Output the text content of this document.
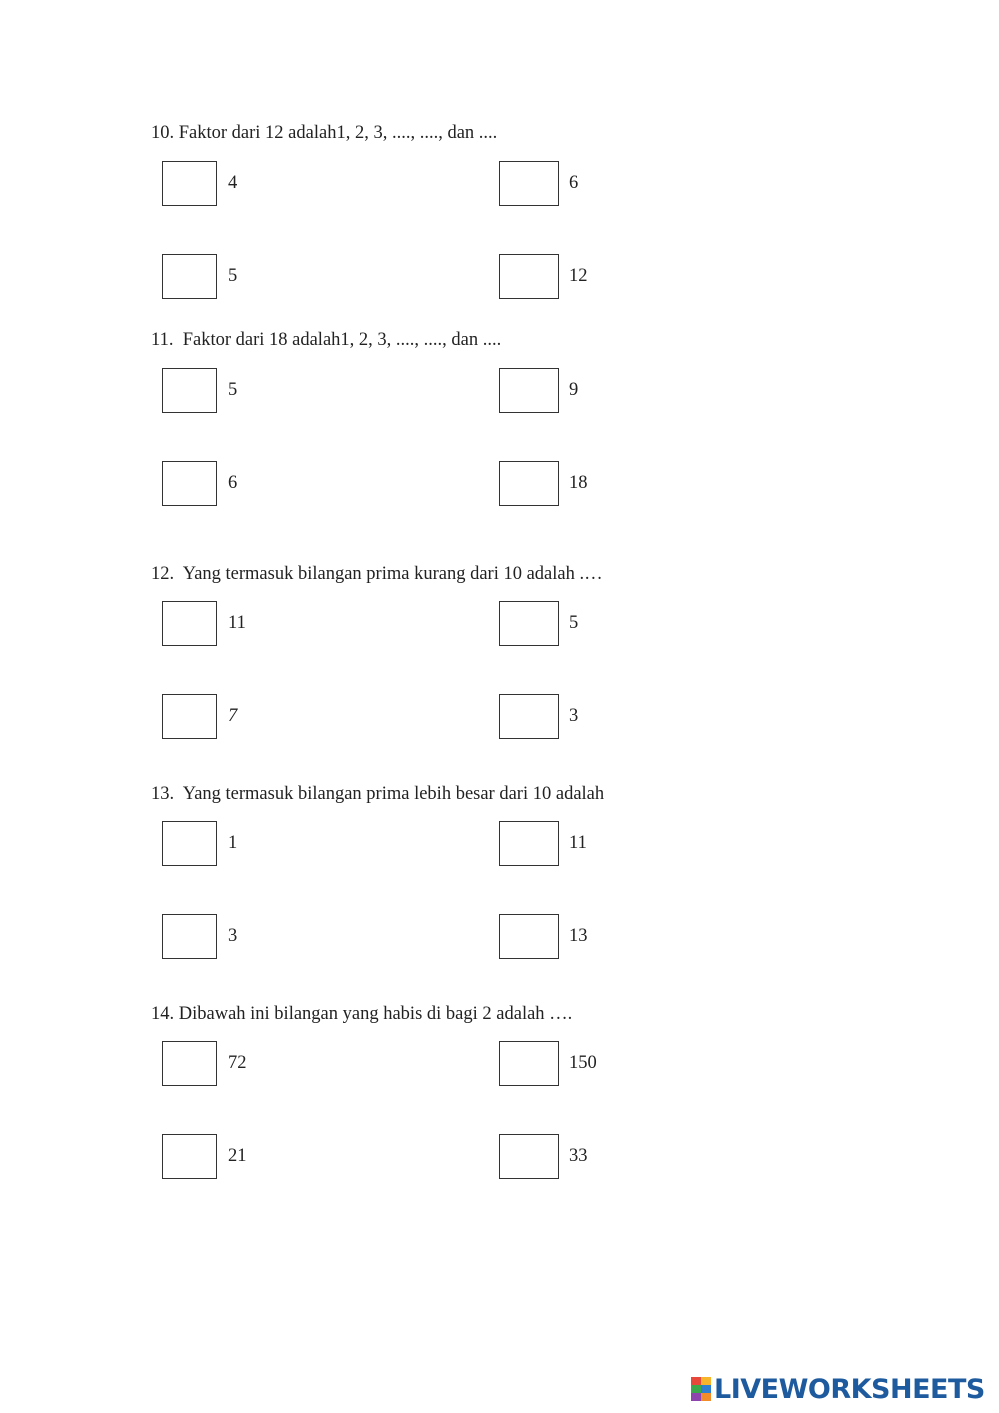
10. Faktor dari 12 adalah1, 2, 3, ...., ...., dan ....
4	6
5	12
11.  Faktor dari 18 adalah1, 2, 3, ...., ...., dan ....
5	9
6	18
12.  Yang termasuk bilangan prima kurang dari 10 adalah .…
11	5
7	3
13.  Yang termasuk bilangan prima lebih besar dari 10 adalah
1	11
3	13
14. Dibawah ini bilangan yang habis di bagi 2 adalah ….
72	150
21	33
LIVEWORKSHEETS
